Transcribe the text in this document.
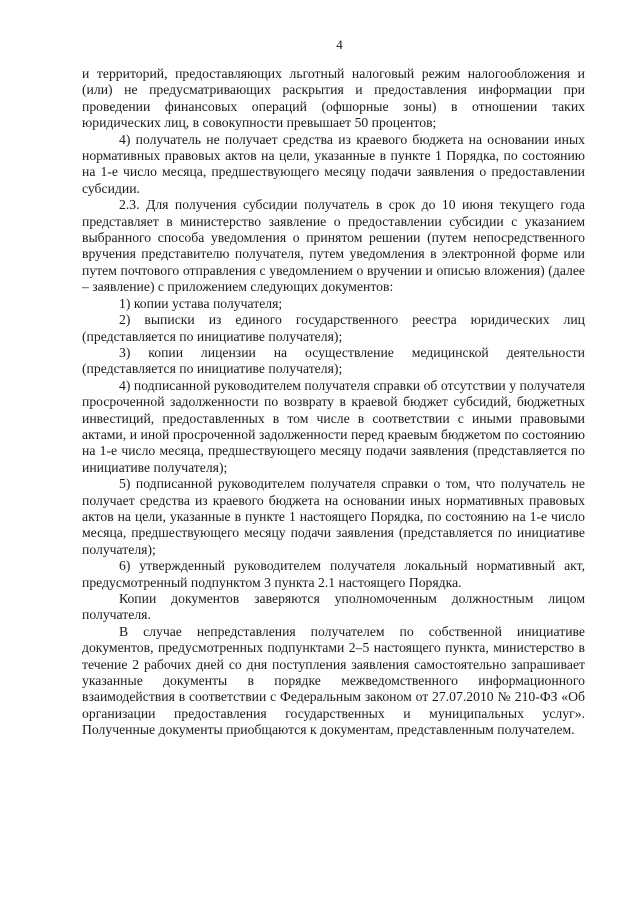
4

и территорий, предоставляющих льготный налоговый режим налогообложения и (или) не предусматривающих раскрытия и предоставления информации при проведении финансовых операций (офшорные зоны) в отношении таких юридических лиц, в совокупности превышает 50 процентов;

4) получатель не получает средства из краевого бюджета на основании иных нормативных правовых актов на цели, указанные в пункте 1 Порядка, по состоянию на 1-е число месяца, предшествующего месяцу подачи заявления о предоставлении субсидии.

2.3. Для получения субсидии получатель в срок до 10 июня текущего года представляет в министерство заявление о предоставлении субсидии с указанием выбранного способа уведомления о принятом решении (путем непосредственного вручения представителю получателя, путем уведомления в электронной форме или путем почтового отправления с уведомлением о вручении и описью вложения) (далее – заявление) с приложением следующих документов:

1) копии устава получателя;

2) выписки из единого государственного реестра юридических лиц (представляется по инициативе получателя);

3) копии лицензии на осуществление медицинской деятельности (представляется по инициативе получателя);

4) подписанной руководителем получателя справки об отсутствии у получателя просроченной задолженности по возврату в краевой бюджет субсидий, бюджетных инвестиций, предоставленных в том числе в соответствии с иными правовыми актами, и иной просроченной задолженности перед краевым бюджетом по состоянию на 1-е число месяца, предшествующего месяцу подачи заявления (представляется по инициативе получателя);

5) подписанной руководителем получателя справки о том, что получатель не получает средства из краевого бюджета на основании иных нормативных правовых актов на цели, указанные в пункте 1 настоящего Порядка, по состоянию на 1-е число месяца, предшествующего месяцу подачи заявления (представляется по инициативе получателя);

6) утвержденный руководителем получателя локальный нормативный акт, предусмотренный подпунктом 3 пункта 2.1 настоящего Порядка.

Копии документов заверяются уполномоченным должностным лицом получателя.

В случае непредставления получателем по собственной инициативе документов, предусмотренных подпунктами 2–5 настоящего пункта, министерство в течение 2 рабочих дней со дня поступления заявления самостоятельно запрашивает указанные документы в порядке межведомственного информационного взаимодействия в соответствии с Федеральным законом от 27.07.2010 № 210-ФЗ «Об организации предоставления государственных и муниципальных услуг». Полученные документы приобщаются к документам, представленным получателем.
